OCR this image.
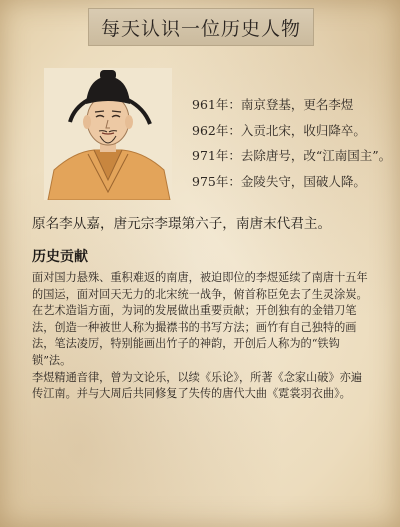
每天认识一位历史人物
961年：南京登基，更名李煜
962年：入贡北宋，收归降卒。
971年：去除唐号，改“江南国主”。
975年：金陵失守，国破人降。
原名李从嘉，唐元宗李璟第六子，南唐末代君主。
历史贡献

面对国力悬殊、重积难返的南唐，被迫即位的李煜延续了南唐十五年的国运，面对回天无力的北宋统一战争，俯首称臣免去了生灵涂炭。

在艺术造诣方面，为词的发展做出重要贡献；开创独有的金错刀笔法，创造一种被世人称为撮襟书的书写方法；画竹有自己独特的画法，笔法凌厉，特别能画出竹子的神韵，开创后人称为的“铁钩锁”法。

李煜精通音律，曾为文论乐，以续《乐论》，所著《念家山破》亦遍传江南。并与大周后共同修复了失传的唐代大曲《霓裳羽衣曲》。
